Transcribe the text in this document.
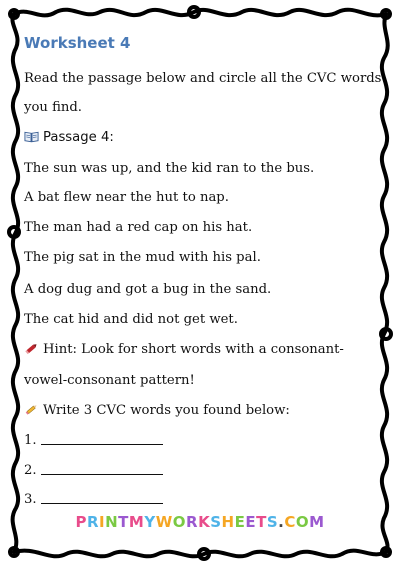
Worksheet 4
Read the passage below and circle all the CVC words
you find.
Passage 4:
The sun was up, and the kid ran to the bus.
A bat flew near the hut to nap.
The man had a red cap on his hat.
The pig sat in the mud with his pal.
A dog dug and got a bug in the sand.
The cat hid and did not get wet.
Hint: Look for short words with a consonant-
vowel-consonant pattern!
Write 3 CVC words you found below:
1.
2.
3.
PRINTMYWORKSHEETS.COM
